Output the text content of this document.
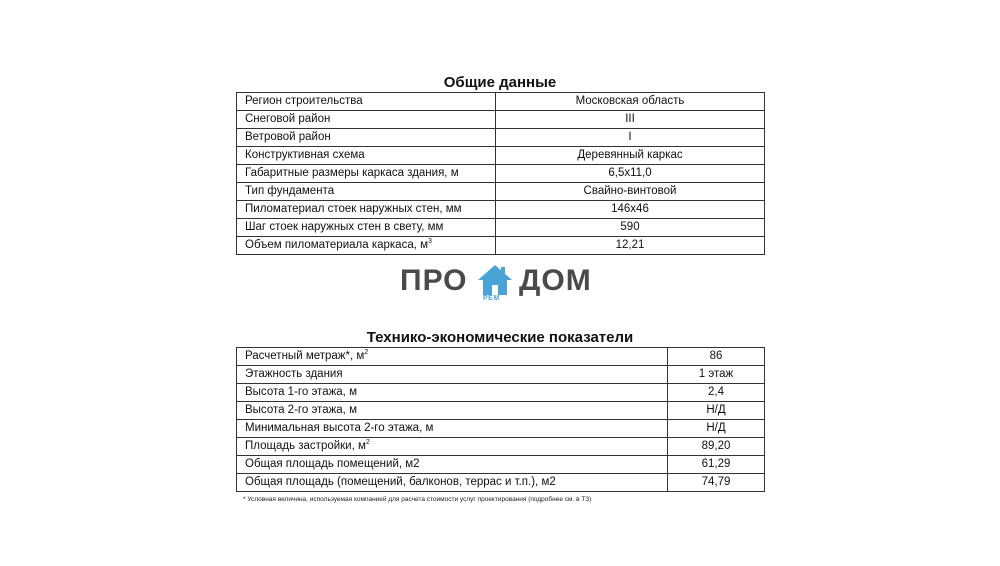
Общие данные
Регион строительства	Московская область
Снеговой район	III
Ветровой район	I
Конструктивная схема	Деревянный каркас
Габаритные размеры каркаса здания, м	6,5x11,0
Тип фундамента	Свайно-винтовой
Пиломатериал стоек наружных стен, мм	146x46
Шаг стоек наружных стен в свету, мм	590
Объем пиломатериала каркаса, $м^3$	12,21
ПРО
РЕМ
ДОМ
Технико-экономические показатели
Расчетный метраж*, $м^2$	86
Этажность здания	1 этаж
Высота 1-го этажа, м	2,4
Высота 2-го этажа, м	Н/Д
Минимальная высота 2-го этажа, м	Н/Д
Площадь застройки, $м^2$	89,20
Общая площадь помещений, м2	61,29
Общая площадь (помещений, балконов, террас и т.п.), м2	74,79
* Условная величина, используемая компанией для расчета стоимости услуг проектирования (подробнее см. в ТЗ)
